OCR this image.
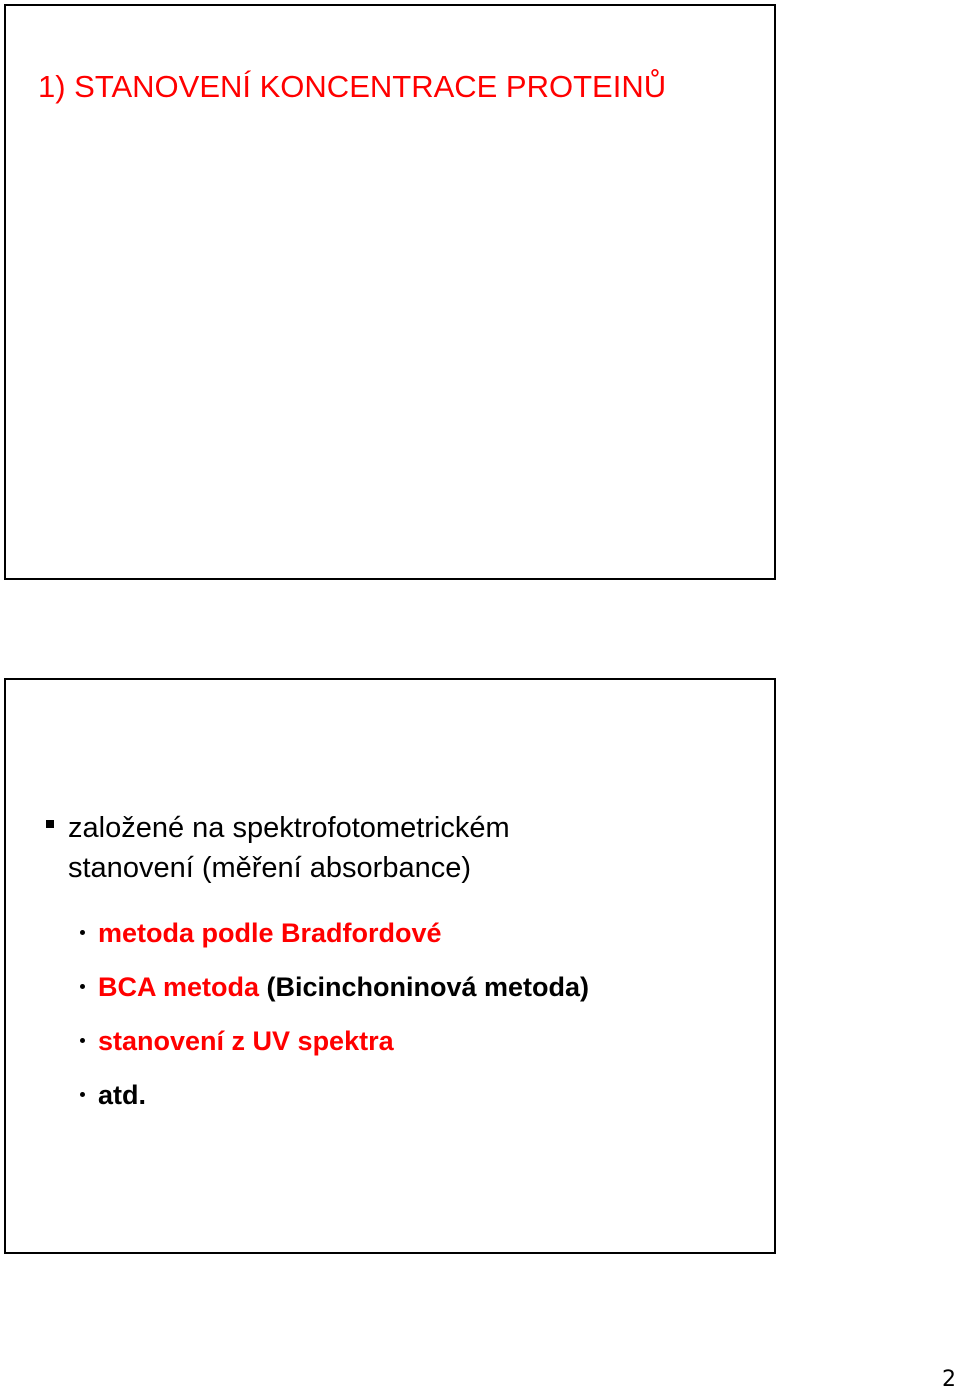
1) STANOVENÍ KONCENTRACE PROTEINŮ
založené na spektrofotometrickém
stanovení (měření absorbance)
metoda podle Bradfordové
BCA metoda (Bicinchoninová metoda)
stanovení z UV spektra
atd.
2
